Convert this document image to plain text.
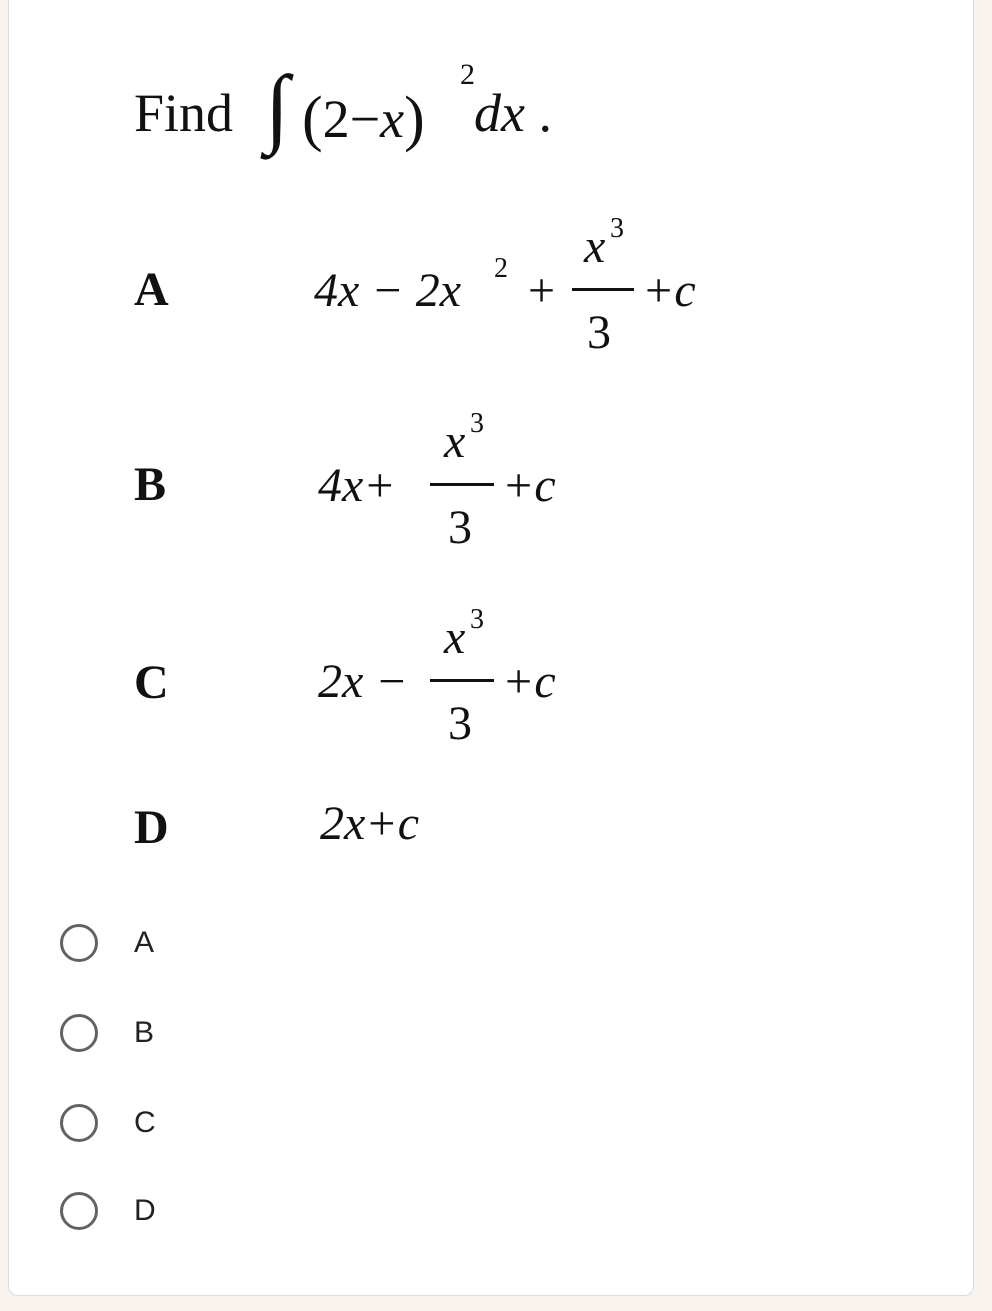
Find ∫ (2−x)
2
dx .
A	4x − 2x 2 +
x 3
3
+c
B	4x+
x 3
3
+c
C	2x −
x 3
3
+c
D	2x+c
A
B
C
D
